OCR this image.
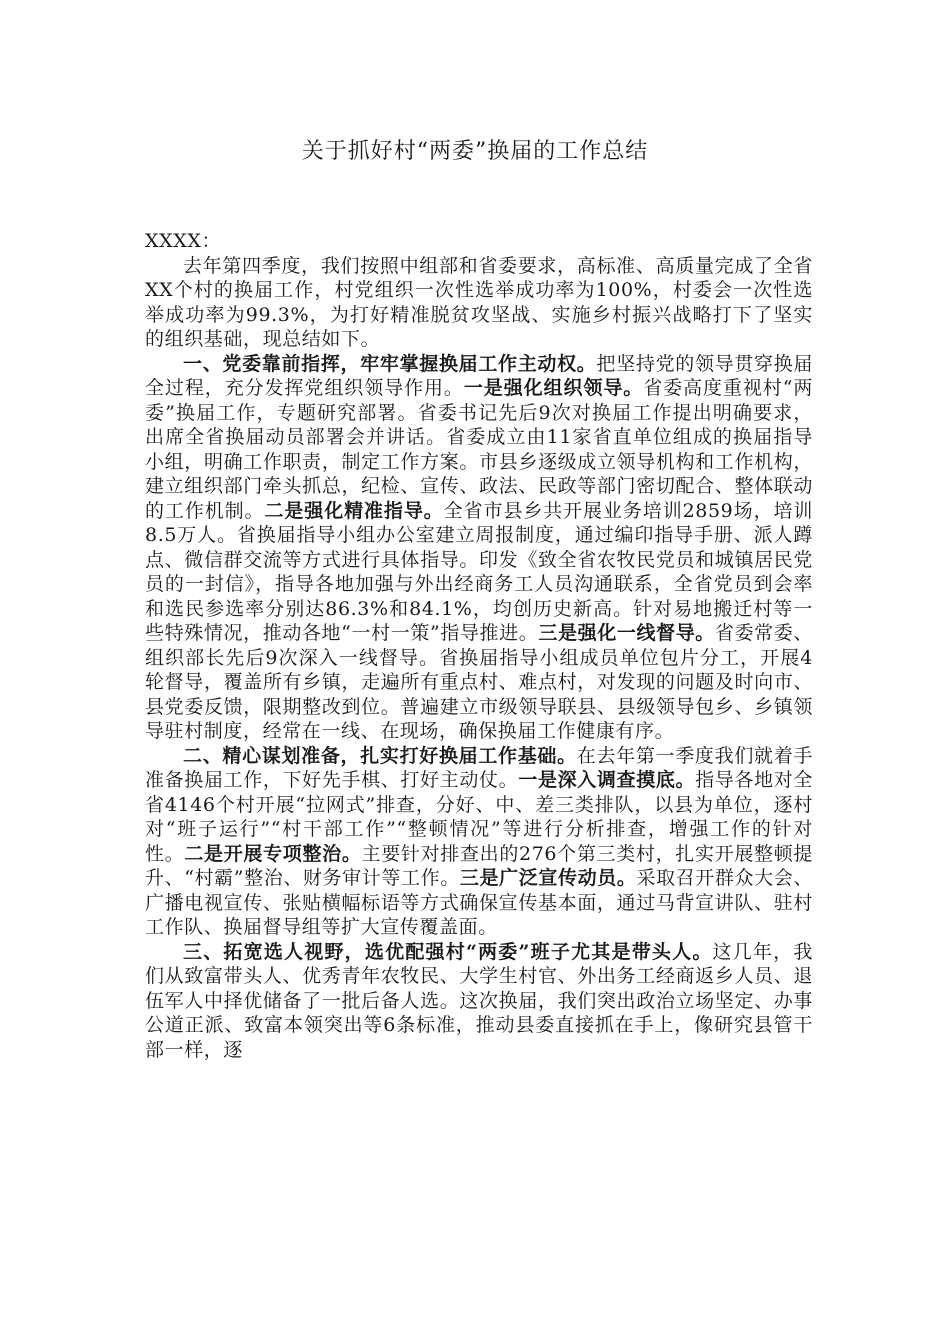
关于抓好村“两委”换届的工作总结

XXXX：

去年第四季度，我们按照中组部和省委要求，高标准、高质量完成了全省XX个村的换届工作，村党组织一次性选举成功率为100%，村委会一次性选举成功率为99.3%，为打好精准脱贫攻坚战、实施乡村振兴战略打下了坚实的组织基础，现总结如下。

一、党委靠前指挥，牢牢掌握换届工作主动权。把坚持党的领导贯穿换届全过程，充分发挥党组织领导作用。一是强化组织领导。省委高度重视村“两委”换届工作，专题研究部署。省委书记先后9次对换届工作提出明确要求，出席全省换届动员部署会并讲话。省委成立由11家省直单位组成的换届指导小组，明确工作职责，制定工作方案。市县乡逐级成立领导机构和工作机构，建立组织部门牵头抓总，纪检、宣传、政法、民政等部门密切配合、整体联动的工作机制。二是强化精准指导。全省市县乡共开展业务培训2859场，培训8.5万人。省换届指导小组办公室建立周报制度，通过编印指导手册、派人蹲点、微信群交流等方式进行具体指导。印发《致全省农牧民党员和城镇居民党员的一封信》，指导各地加强与外出经商务工人员沟通联系，全省党员到会率和选民参选率分别达86.3%和84.1%，均创历史新高。针对易地搬迁村等一些特殊情况，推动各地“一村一策”指导推进。三是强化一线督导。省委常委、组织部长先后9次深入一线督导。省换届指导小组成员单位包片分工，开展4轮督导，覆盖所有乡镇，走遍所有重点村、难点村，对发现的问题及时向市、县党委反馈，限期整改到位。普遍建立市级领导联县、县级领导包乡、乡镇领导驻村制度，经常在一线、在现场，确保换届工作健康有序。

二、精心谋划准备，扎实打好换届工作基础。在去年第一季度我们就着手准备换届工作，下好先手棋、打好主动仗。一是深入调查摸底。指导各地对全省4146个村开展“拉网式”排查，分好、中、差三类排队，以县为单位，逐村对“班子运行”“村干部工作”“整顿情况”等进行分析排查，增强工作的针对性。二是开展专项整治。主要针对排查出的276个第三类村，扎实开展整顿提升、“村霸”整治、财务审计等工作。三是广泛宣传动员。采取召开群众大会、广播电视宣传、张贴横幅标语等方式确保宣传基本面，通过马背宣讲队、驻村工作队、换届督导组等扩大宣传覆盖面。

三、拓宽选人视野，选优配强村“两委”班子尤其是带头人。这几年，我们从致富带头人、优秀青年农牧民、大学生村官、外出务工经商返乡人员、退伍军人中择优储备了一批后备人选。这次换届，我们突出政治立场坚定、办事公道正派、致富本领突出等6条标准，推动县委直接抓在手上，像研究县管干部一样，逐
